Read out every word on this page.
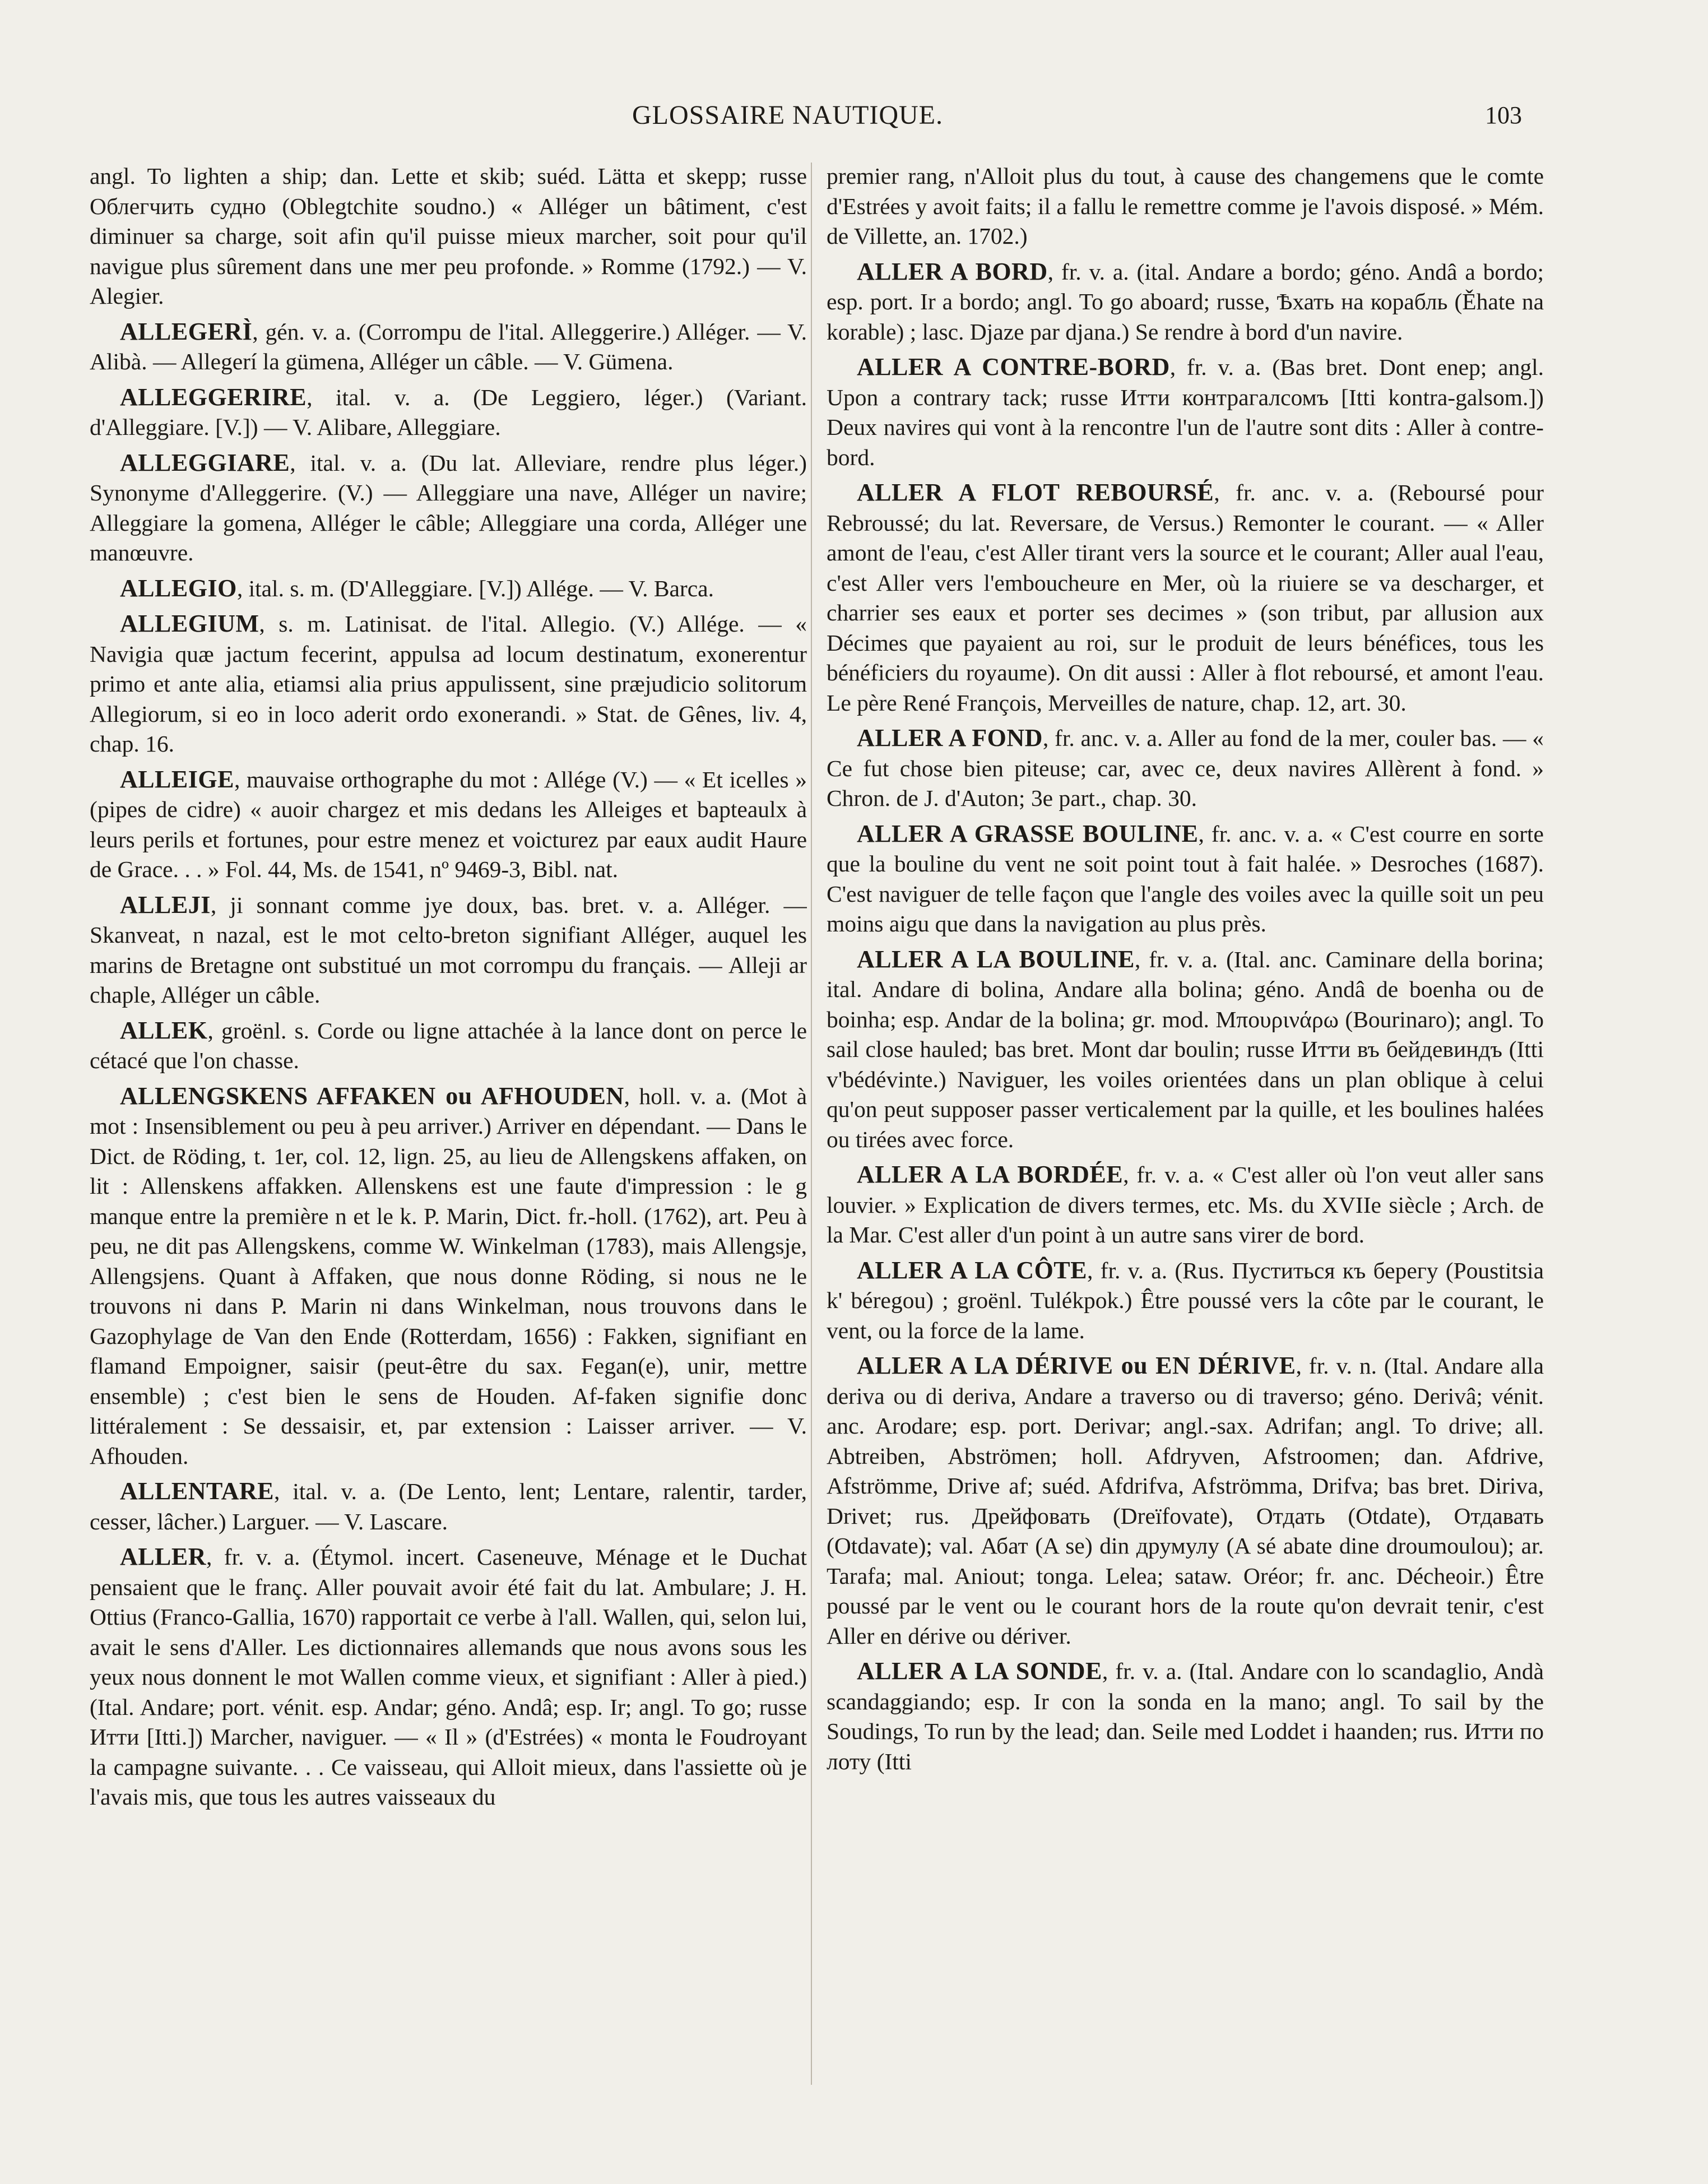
GLOSSAIRE NAUTIQUE.	103

angl. To lighten a ship; dan. Lette et skib; suéd. Lätta et skepp; russe Облегчить судно (Oblegtchite soudno.) « Alléger un bâtiment, c'est diminuer sa charge, soit afin qu'il puisse mieux marcher, soit pour qu'il navigue plus sûrement dans une mer peu profonde. » Romme (1792.) — V. Alegier.

ALLEGERÌ, gén. v. a. (Corrompu de l'ital. Alleggerire.) Alléger. — V. Alibà. — Allegerí la gümena, Alléger un câble. — V. Gümena.

ALLEGGERIRE, ital. v. a. (De Leggiero, léger.) (Variant. d'Alleggiare. [V.]) — V. Alibare, Alleggiare.

ALLEGGIARE, ital. v. a. (Du lat. Alleviare, rendre plus léger.) Synonyme d'Alleggerire. (V.) — Alleggiare una nave, Alléger un navire; Alleggiare la gomena, Alléger le câble; Alleggiare una corda, Alléger une manœuvre.

ALLEGIO, ital. s. m. (D'Alleggiare. [V.]) Allége. — V. Barca.

ALLEGIUM, s. m. Latinisat. de l'ital. Allegio. (V.) Allége. — « Navigia quæ jactum fecerint, appulsa ad locum destinatum, exonerentur primo et ante alia, etiamsi alia prius appulissent, sine præjudicio solitorum Allegiorum, si eo in loco aderit ordo exonerandi. » Stat. de Gênes, liv. 4, chap. 16.

ALLEIGE, mauvaise orthographe du mot : Allége (V.) — « Et icelles » (pipes de cidre) « auoir chargez et mis dedans les Alleiges et bapteaulx à leurs perils et fortunes, pour estre menez et voicturez par eaux audit Haure de Grace. . . » Fol. 44, Ms. de 1541, nº 9469-3, Bibl. nat.

ALLEJI, ji sonnant comme jye doux, bas. bret. v. a. Alléger. — Skanveat, n nazal, est le mot celto-breton signifiant Alléger, auquel les marins de Bretagne ont substitué un mot corrompu du français. — Alleji ar chaple, Alléger un câble.

ALLEK, groënl. s. Corde ou ligne attachée à la lance dont on perce le cétacé que l'on chasse.

ALLENGSKENS AFFAKEN ou AFHOUDEN, holl. v. a. (Mot à mot : Insensiblement ou peu à peu arriver.) Arriver en dépendant. — Dans le Dict. de Röding, t. 1er, col. 12, lign. 25, au lieu de Allengskens affaken, on lit : Allenskens affakken. Allenskens est une faute d'impression : le g manque entre la première n et le k. P. Marin, Dict. fr.-holl. (1762), art. Peu à peu, ne dit pas Allengskens, comme W. Winkelman (1783), mais Allengsje, Allengsjens. Quant à Affaken, que nous donne Röding, si nous ne le trouvons ni dans P. Marin ni dans Winkelman, nous trouvons dans le Gazophylage de Van den Ende (Rotterdam, 1656) : Fakken, signifiant en flamand Empoigner, saisir (peut-être du sax. Fegan(e), unir, mettre ensemble) ; c'est bien le sens de Houden. Af-faken signifie donc littéralement : Se dessaisir, et, par extension : Laisser arriver. — V. Afhouden.

ALLENTARE, ital. v. a. (De Lento, lent; Lentare, ralentir, tarder, cesser, lâcher.) Larguer. — V. Lascare.

ALLER, fr. v. a. (Étymol. incert. Caseneuve, Ménage et le Duchat pensaient que le franç. Aller pouvait avoir été fait du lat. Ambulare; J. H. Ottius (Franco-Gallia, 1670) rapportait ce verbe à l'all. Wallen, qui, selon lui, avait le sens d'Aller. Les dictionnaires allemands que nous avons sous les yeux nous donnent le mot Wallen comme vieux, et signifiant : Aller à pied.) (Ital. Andare; port. vénit. esp. Andar; géno. Andâ; esp. Ir; angl. To go; russe Итти [Itti.]) Marcher, naviguer. — « Il » (d'Estrées) « monta le Foudroyant la campagne suivante. . . Ce vaisseau, qui Alloit mieux, dans l'assiette où je l'avais mis, que tous les autres vaisseaux du

premier rang, n'Alloit plus du tout, à cause des changemens que le comte d'Estrées y avoit faits; il a fallu le remettre comme je l'avois disposé. » Mém. de Villette, an. 1702.)

ALLER A BORD, fr. v. a. (ital. Andare a bordo; géno. Andâ a bordo; esp. port. Ir a bordo; angl. To go aboard; russe, Ѣхать на корабль (Ěhate na korable) ; lasc. Djaze par djana.) Se rendre à bord d'un navire.

ALLER A CONTRE-BORD, fr. v. a. (Bas bret. Dont enep; angl. Upon a contrary tack; russe Итти контрагалсомъ [Itti kontra-galsom.]) Deux navires qui vont à la rencontre l'un de l'autre sont dits : Aller à contre-bord.

ALLER A FLOT REBOURSÉ, fr. anc. v. a. (Reboursé pour Rebroussé; du lat. Reversare, de Versus.) Remonter le courant. — « Aller amont de l'eau, c'est Aller tirant vers la source et le courant; Aller aual l'eau, c'est Aller vers l'emboucheure en Mer, où la riuiere se va descharger, et charrier ses eaux et porter ses decimes » (son tribut, par allusion aux Décimes que payaient au roi, sur le produit de leurs bénéfices, tous les bénéficiers du royaume). On dit aussi : Aller à flot reboursé, et amont l'eau. Le père René François, Merveilles de nature, chap. 12, art. 30.

ALLER A FOND, fr. anc. v. a. Aller au fond de la mer, couler bas. — « Ce fut chose bien piteuse; car, avec ce, deux navires Allèrent à fond. » Chron. de J. d'Auton; 3e part., chap. 30.

ALLER A GRASSE BOULINE, fr. anc. v. a. « C'est courre en sorte que la bouline du vent ne soit point tout à fait halée. » Desroches (1687). C'est naviguer de telle façon que l'angle des voiles avec la quille soit un peu moins aigu que dans la navigation au plus près.

ALLER A LA BOULINE, fr. v. a. (Ital. anc. Caminare della borina; ital. Andare di bolina, Andare alla bolina; géno. Andâ de boenha ou de boinha; esp. Andar de la bolina; gr. mod. Μπουρινάρω (Bourinaro); angl. To sail close hauled; bas bret. Mont dar boulin; russe Итти въ бейдевиндъ (Itti v'bédévinte.) Naviguer, les voiles orientées dans un plan oblique à celui qu'on peut supposer passer verticalement par la quille, et les boulines halées ou tirées avec force.

ALLER A LA BORDÉE, fr. v. a. « C'est aller où l'on veut aller sans louvier. » Explication de divers termes, etc. Ms. du XVIIe siècle ; Arch. de la Mar. C'est aller d'un point à un autre sans virer de bord.

ALLER A LA CÔTE, fr. v. a. (Rus. Пуститься къ берегу (Poustitsia k' béregou) ; groënl. Tulékpok.) Être poussé vers la côte par le courant, le vent, ou la force de la lame.

ALLER A LA DÉRIVE ou EN DÉRIVE, fr. v. n. (Ital. Andare alla deriva ou di deriva, Andare a traverso ou di traverso; géno. Derivâ; vénit. anc. Arodare; esp. port. Derivar; angl.-sax. Adrifan; angl. To drive; all. Abtreiben, Abströmen; holl. Afdryven, Afstroomen; dan. Afdrive, Afströmme, Drive af; suéd. Afdrifva, Afströmma, Drifva; bas bret. Diriva, Drivet; rus. Дрейфовать (Dreïfovate), Отдать (Otdate), Отдавать (Otdavate); val. Абат (A se) din друмулу (A sé abate dine droumoulou); ar. Tarafa; mal. Aniout; tonga. Lelea; sataw. Oréor; fr. anc. Décheoir.) Être poussé par le vent ou le courant hors de la route qu'on devrait tenir, c'est Aller en dérive ou dériver.

ALLER A LA SONDE, fr. v. a. (Ital. Andare con lo scandaglio, Andà scandaggiando; esp. Ir con la sonda en la mano; angl. To sail by the Soudings, To run by the lead; dan. Seile med Loddet i haanden; rus. Итти по лоту (Itti
